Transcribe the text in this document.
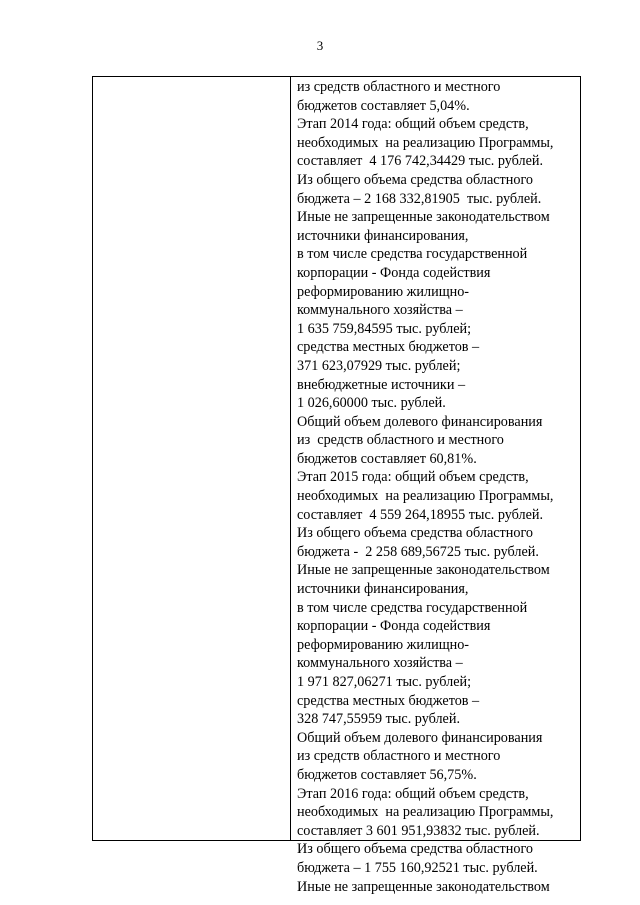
3
из средств областного и местного
бюджетов составляет 5,04%.
Этап 2014 года: общий объем средств,
необходимых  на реализацию Программы,
составляет  4 176 742,34429 тыс. рублей.
Из общего объема средства областного
бюджета – 2 168 332,81905  тыс. рублей.
Иные не запрещенные законодательством
источники финансирования,
в том числе средства государственной
корпорации - Фонда содействия
реформированию жилищно-
коммунального хозяйства –
1 635 759,84595 тыс. рублей;
средства местных бюджетов –
371 623,07929 тыс. рублей;
внебюджетные источники –
1 026,60000 тыс. рублей.
Общий объем долевого финансирования
из  средств областного и местного
бюджетов составляет 60,81%.
Этап 2015 года: общий объем средств,
необходимых  на реализацию Программы,
составляет  4 559 264,18955 тыс. рублей.
Из общего объема средства областного
бюджета -  2 258 689,56725 тыс. рублей.
Иные не запрещенные законодательством
источники финансирования,
в том числе средства государственной
корпорации - Фонда содействия
реформированию жилищно-
коммунального хозяйства –
1 971 827,06271 тыс. рублей;
средства местных бюджетов –
328 747,55959 тыс. рублей.
Общий объем долевого финансирования
из средств областного и местного
бюджетов составляет 56,75%.
Этап 2016 года: общий объем средств,
необходимых  на реализацию Программы,
составляет 3 601 951,93832 тыс. рублей.
Из общего объема средства областного
бюджета – 1 755 160,92521 тыс. рублей.
Иные не запрещенные законодательством
